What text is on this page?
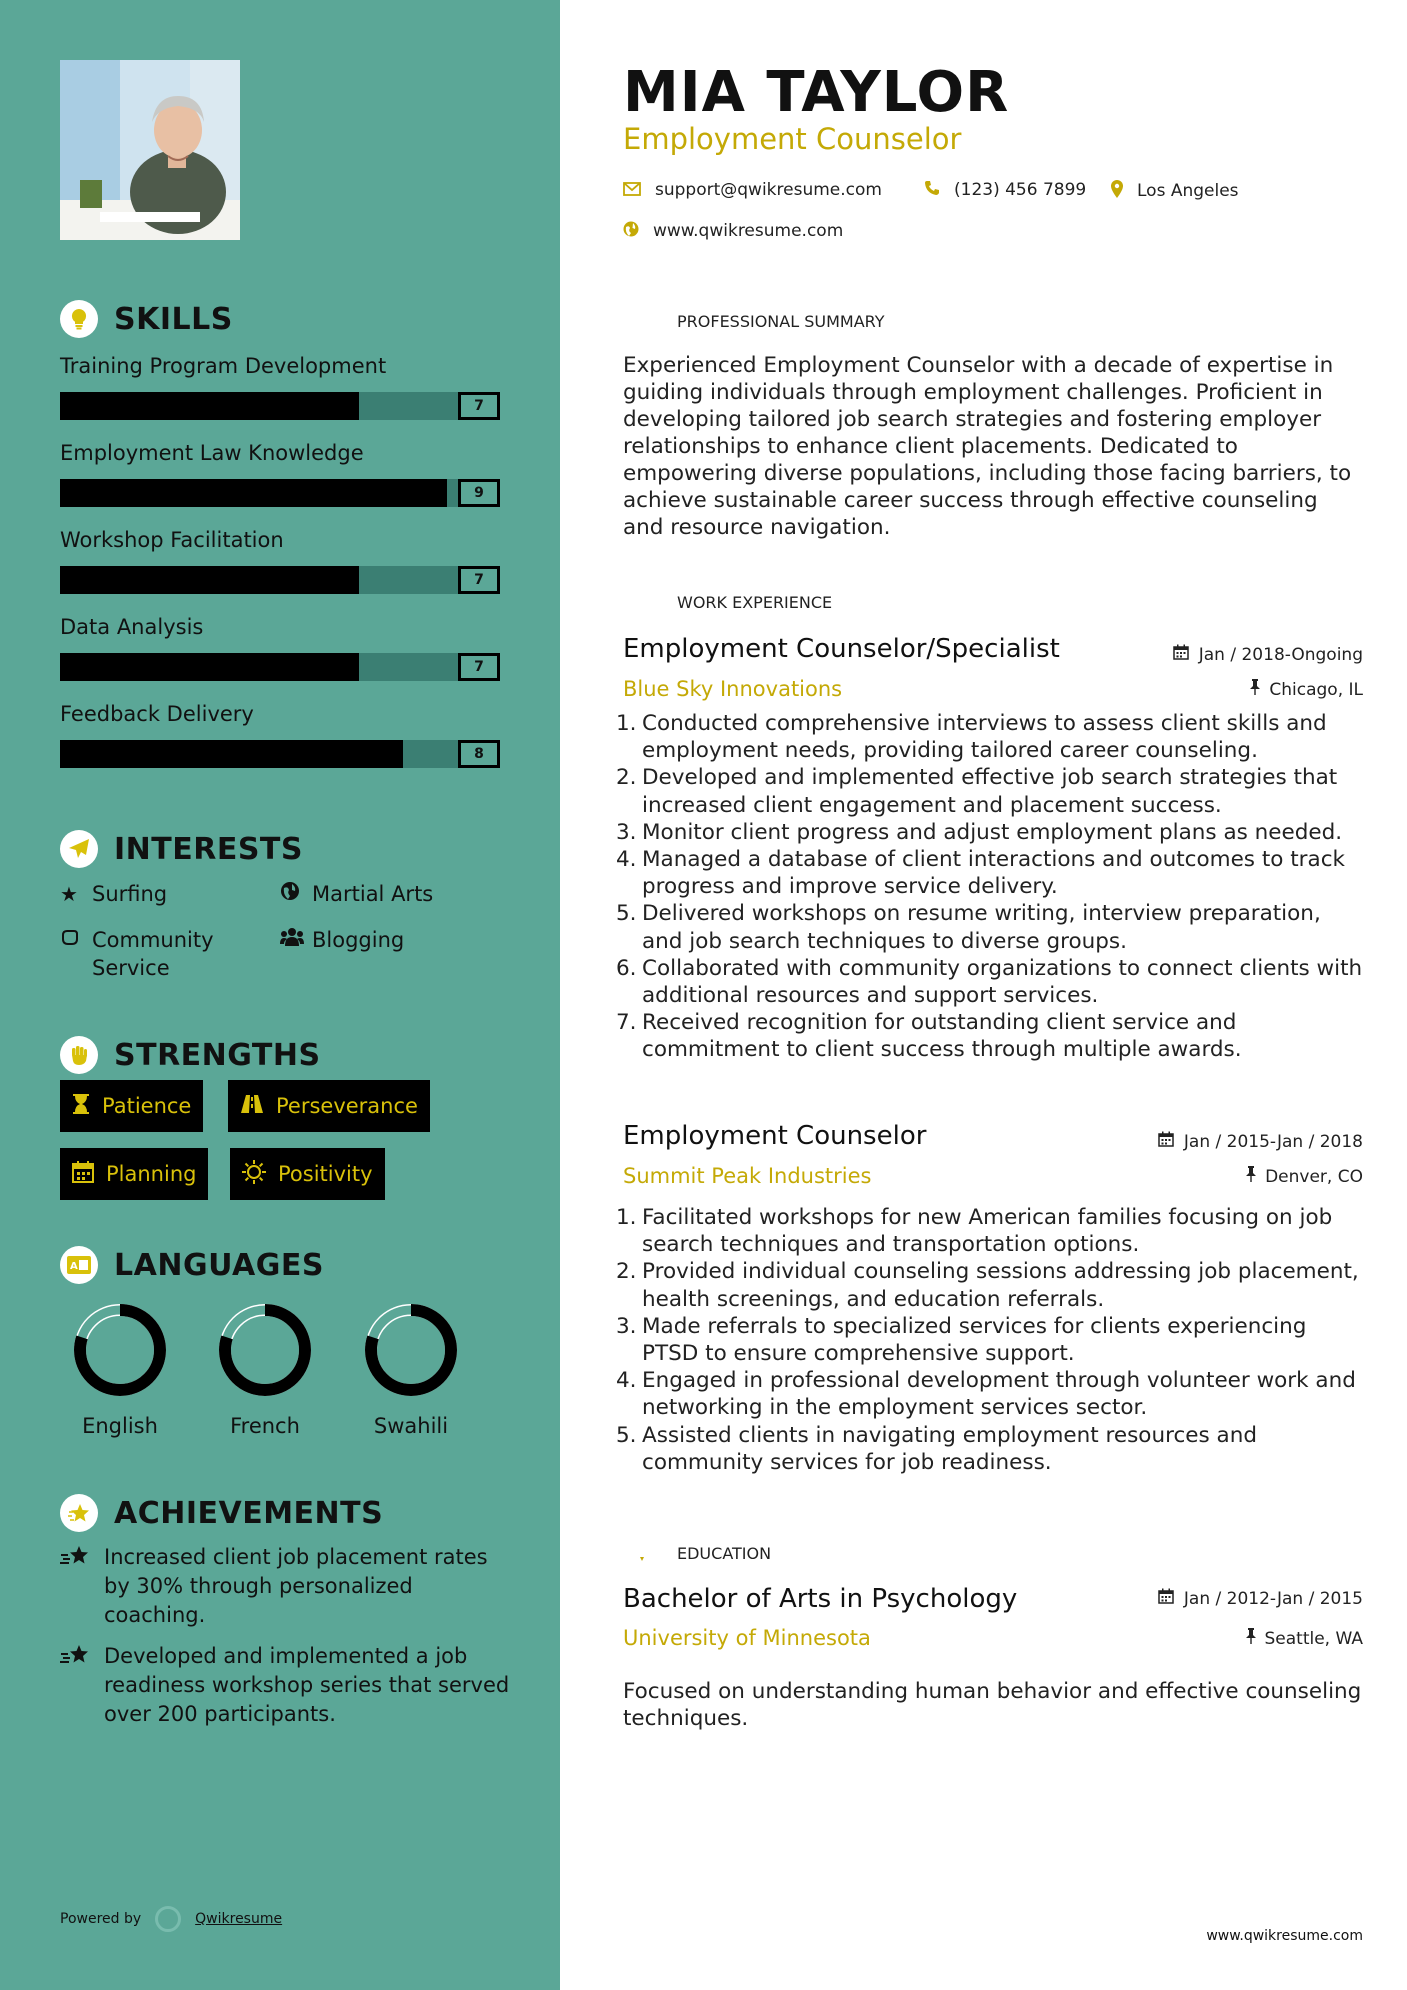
SKILLS
Training Program Development
7
Employment Law Knowledge
9
Workshop Facilitation
7
Data Analysis
7
Feedback Delivery
8
INTERESTS
★ Surfing	Martial Arts
Community Service
Blogging
STRENGTHS
Patience	Perseverance
Planning	Positivity
A LANGUAGES
English	French	Swahili
ACHIEVEMENTS
Increased client job placement rates by 30% through personalized coaching.
Developed and implemented a job readiness workshop series that served over 200 participants.
Powered by	Qwikresume
MIA TAYLOR
Employment Counselor
support@qwikresume.com	(123) 456 7899	Los Angeles
www.qwikresume.com
PROFESSIONAL SUMMARY
Experienced Employment Counselor with a decade of expertise in guiding individuals through employment challenges. Proficient in developing tailored job search strategies and fostering employer relationships to enhance client placements. Dedicated to empowering diverse populations, including those facing barriers, to achieve sustainable career success through effective counseling and resource navigation.
WORK EXPERIENCE
Employment Counselor/Specialist	Jan / 2018-Ongoing
Blue Sky Innovations	Chicago, IL
1. Conducted comprehensive interviews to assess client skills and employment needs, providing tailored career counseling.
2. Developed and implemented effective job search strategies that increased client engagement and placement success.
3. Monitor client progress and adjust employment plans as needed.
4. Managed a database of client interactions and outcomes to track progress and improve service delivery.
5. Delivered workshops on resume writing, interview preparation, and job search techniques to diverse groups.
6. Collaborated with community organizations to connect clients with additional resources and support services.
7. Received recognition for outstanding client service and commitment to client success through multiple awards.
Employment Counselor	Jan / 2015-Jan / 2018
Summit Peak Industries	Denver, CO
1. Facilitated workshops for new American families focusing on job search techniques and transportation options.
2. Provided individual counseling sessions addressing job placement, health screenings, and education referrals.
3. Made referrals to specialized services for clients experiencing PTSD to ensure comprehensive support.
4. Engaged in professional development through volunteer work and networking in the employment services sector.
5. Assisted clients in navigating employment resources and community services for job readiness.
EDUCATION
Bachelor of Arts in Psychology	Jan / 2012-Jan / 2015
University of Minnesota	Seattle, WA
Focused on understanding human behavior and effective counseling techniques.
www.qwikresume.com
